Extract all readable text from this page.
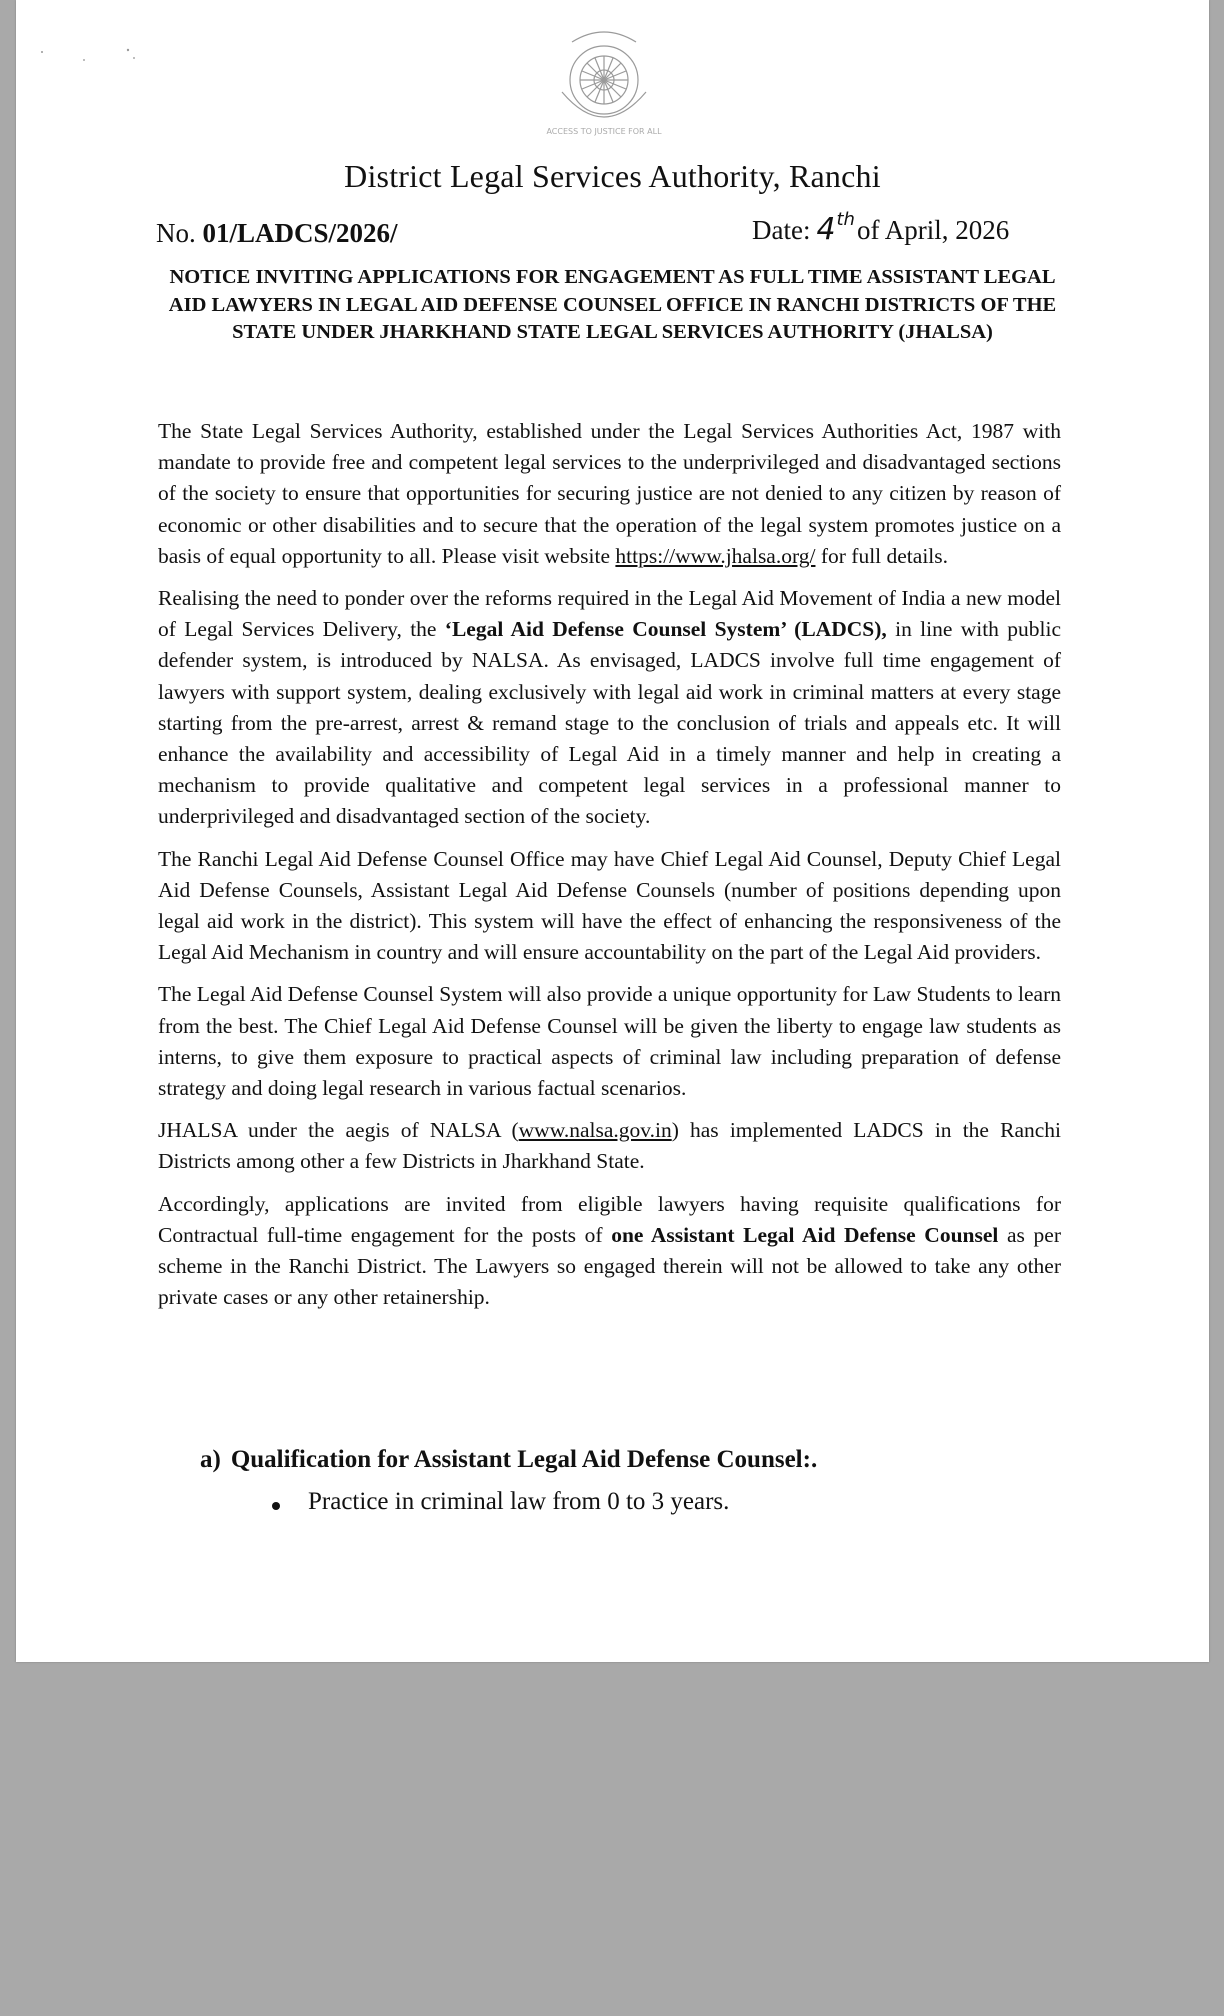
ACCESS TO JUSTICE FOR ALL
District Legal Services Authority, Ranchi
No. 01/LADCS/2026/	Date: 4thof April, 2026
NOTICE INVITING APPLICATIONS FOR ENGAGEMENT AS FULL TIME ASSISTANT LEGAL AID LAWYERS IN LEGAL AID DEFENSE COUNSEL OFFICE IN RANCHI DISTRICTS OF THE STATE UNDER JHARKHAND STATE LEGAL SERVICES AUTHORITY (JHALSA)

The State Legal Services Authority, established under the Legal Services Authorities Act, 1987 with mandate to provide free and competent legal services to the underprivileged and disadvantaged sections of the society to ensure that opportunities for securing justice are not denied to any citizen by reason of economic or other disabilities and to secure that the operation of the legal system promotes justice on a basis of equal opportunity to all. Please visit website https://www.jhalsa.org/ for full details.

Realising the need to ponder over the reforms required in the Legal Aid Movement of India a new model of Legal Services Delivery, the ‘Legal Aid Defense Counsel System’ (LADCS), in line with public defender system, is introduced by NALSA. As envisaged, LADCS involve full time engagement of lawyers with support system, dealing exclusively with legal aid work in criminal matters at every stage starting from the pre-arrest, arrest & remand stage to the conclusion of trials and appeals etc. It will enhance the availability and accessibility of Legal Aid in a timely manner and help in creating a mechanism to provide qualitative and competent legal services in a professional manner to underprivileged and disadvantaged section of the society.

The Ranchi Legal Aid Defense Counsel Office may have Chief Legal Aid Counsel, Deputy Chief Legal Aid Defense Counsels, Assistant Legal Aid Defense Counsels (number of positions depending upon legal aid work in the district). This system will have the effect of enhancing the responsiveness of the Legal Aid Mechanism in country and will ensure accountability on the part of the Legal Aid providers.

The Legal Aid Defense Counsel System will also provide a unique opportunity for Law Students to learn from the best. The Chief Legal Aid Defense Counsel will be given the liberty to engage law students as interns, to give them exposure to practical aspects of criminal law including preparation of defense strategy and doing legal research in various factual scenarios.

JHALSA under the aegis of NALSA (www.nalsa.gov.in) has implemented LADCS in the Ranchi Districts among other a few Districts in Jharkhand State.

Accordingly, applications are invited from eligible lawyers having requisite qualifications for Contractual full-time engagement for the posts of one Assistant Legal Aid Defense Counsel as per scheme in the Ranchi District. The Lawyers so engaged therein will not be allowed to take any other private cases or any other retainership.

a) Qualification for Assistant Legal Aid Defense Counsel:.
Practice in criminal law from 0 to 3 years.
